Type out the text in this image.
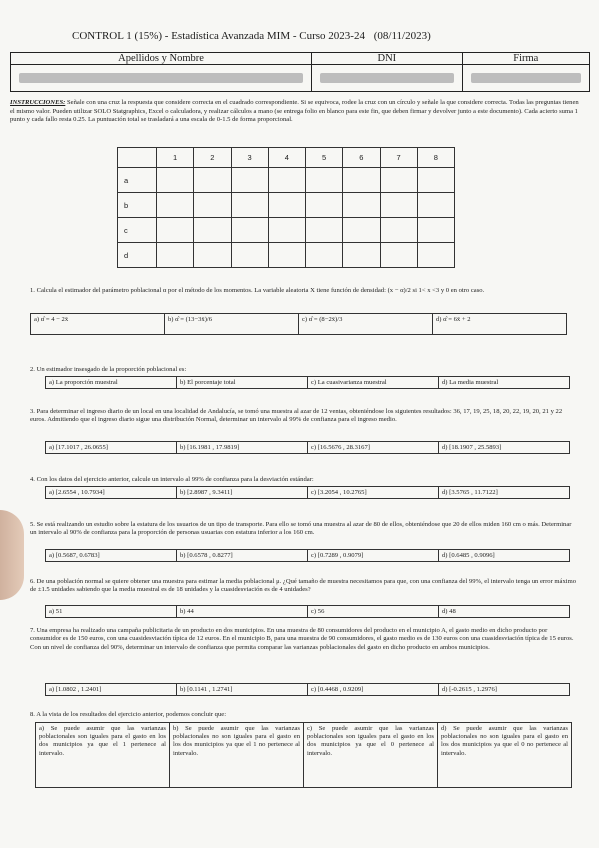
CONTROL 1 (15%) - Estadística Avanzada MIM - Curso 2023-24 (08/11/2023)
Apellidos y Nombre	DNI	Firma

INSTRUCCIONES: Señale con una cruz la respuesta que considere correcta en el cuadrado correspondiente. Si se equivoca, rodee la cruz con un círculo y señale la que considere correcta. Todas las preguntas tienen el mismo valor. Pueden utilizar SOLO Statgraphics, Excel o calculadora, y realizar cálculos a mano (se entrega folio en blanco para este fin, que deben firmar y devolver junto a este documento). Cada acierto suma 1 punto y cada fallo resta 0.25. La puntuación total se trasladará a una escala de 0-1.5 de forma proporcional.
	1	2	3	4	5	6	7	8
a								
b								
c								
d								
1. Calcula el estimador del parámetro poblacional α por el método de los momentos. La variable aleatoria X tiene función de densidad: (x − α)/2 si 1< x <3 y 0 en otro caso.
a) α̂ = 4 − 2x̄	b) α̂ = (13−3x̄)/6	c) α̂ = (8−2x̄)/3	d) α̂ = 6x̄ + 2
2. Un estimador insesgado de la proporción poblacional es:
a) La proporción muestral	b) El porcentaje total	c) La cuasivarianza muestral	d) La media muestral
3. Para determinar el ingreso diario de un local en una localidad de Andalucía, se tomó una muestra al azar de 12 ventas, obteniéndose los siguientes resultados: 36, 17, 19, 25, 18, 20, 22, 19, 20, 21 y 22 euros. Admitiendo que el ingreso diario sigue una distribución Normal, determinar un intervalo al 99% de confianza para el ingreso medio.
a) [17.1017 , 26.0655]	b) [16.1981 , 17.9819]	c) [16.5676 , 28.3167]	d) [18.1907 , 25.5893]
4. Con los datos del ejercicio anterior, calcule un intervalo al 99% de confianza para la desviación estándar:
a) [2.6554 , 10.7934]	b) [2.8987 , 9.3411]	c) [3.2054 , 10.2765]	d) [3.5765 , 11.7122]
5. Se está realizando un estudio sobre la estatura de los usuarios de un tipo de transporte. Para ello se tomó una muestra al azar de 80 de ellos, obteniéndose que 20 de ellos miden 160 cm o más. Determinar un intervalo al 90% de confianza para la proporción de personas usuarias con estatura inferior a los 160 cm.
a) [0.5687, 0.6783]	b) [0.6578 , 0.8277]	c) [0.7289 , 0.9079]	d) [0.6485 , 0.9096]
6. De una población normal se quiere obtener una muestra para estimar la media poblacional μ. ¿Qué tamaño de muestra necesitamos para que, con una confianza del 99%, el intervalo tenga un error máximo de ±1.5 unidades sabiendo que la media muestral es de 18 unidades y la cuasidesviación es de 4 unidades?
a) 51	b) 44	c) 56	d) 48
7. Una empresa ha realizado una campaña publicitaria de un producto en dos municipios. En una muestra de 80 consumidores del producto en el municipio A, el gasto medio en dicho producto por consumidor es de 150 euros, con una cuasidesviación típica de 12 euros. En el municipio B, para una muestra de 90 consumidores, el gasto medio es de 130 euros con una cuasidesviación típica de 15 euros. Con un nivel de confianza del 90%, determinar un intervalo de confianza que permita comparar las varianzas poblacionales del gasto en dicho producto en ambos municipios.
a) [1.0802 , 1.2401]	b) [0.1141 , 1.2741]	c) [0.4468 , 0.9209]	d) [-0.2615 , 1.2976]
8. A la vista de los resultados del ejercicio anterior, podemos concluir que:
a) Se puede asumir que las varianzas poblacionales son iguales para el gasto en los dos municipios ya que el 1 pertenece al intervalo.
b) Se puede asumir que las varianzas poblacionales no son iguales para el gasto en los dos municipios ya que el 1 no pertenece al intervalo.
c) Se puede asumir que las varianzas poblacionales son iguales para el gasto en los dos municipios ya que el 0 pertenece al intervalo.
d) Se puede asumir que las varianzas poblacionales no son iguales para el gasto en los dos municipios ya que el 0 no pertenece al intervalo.
